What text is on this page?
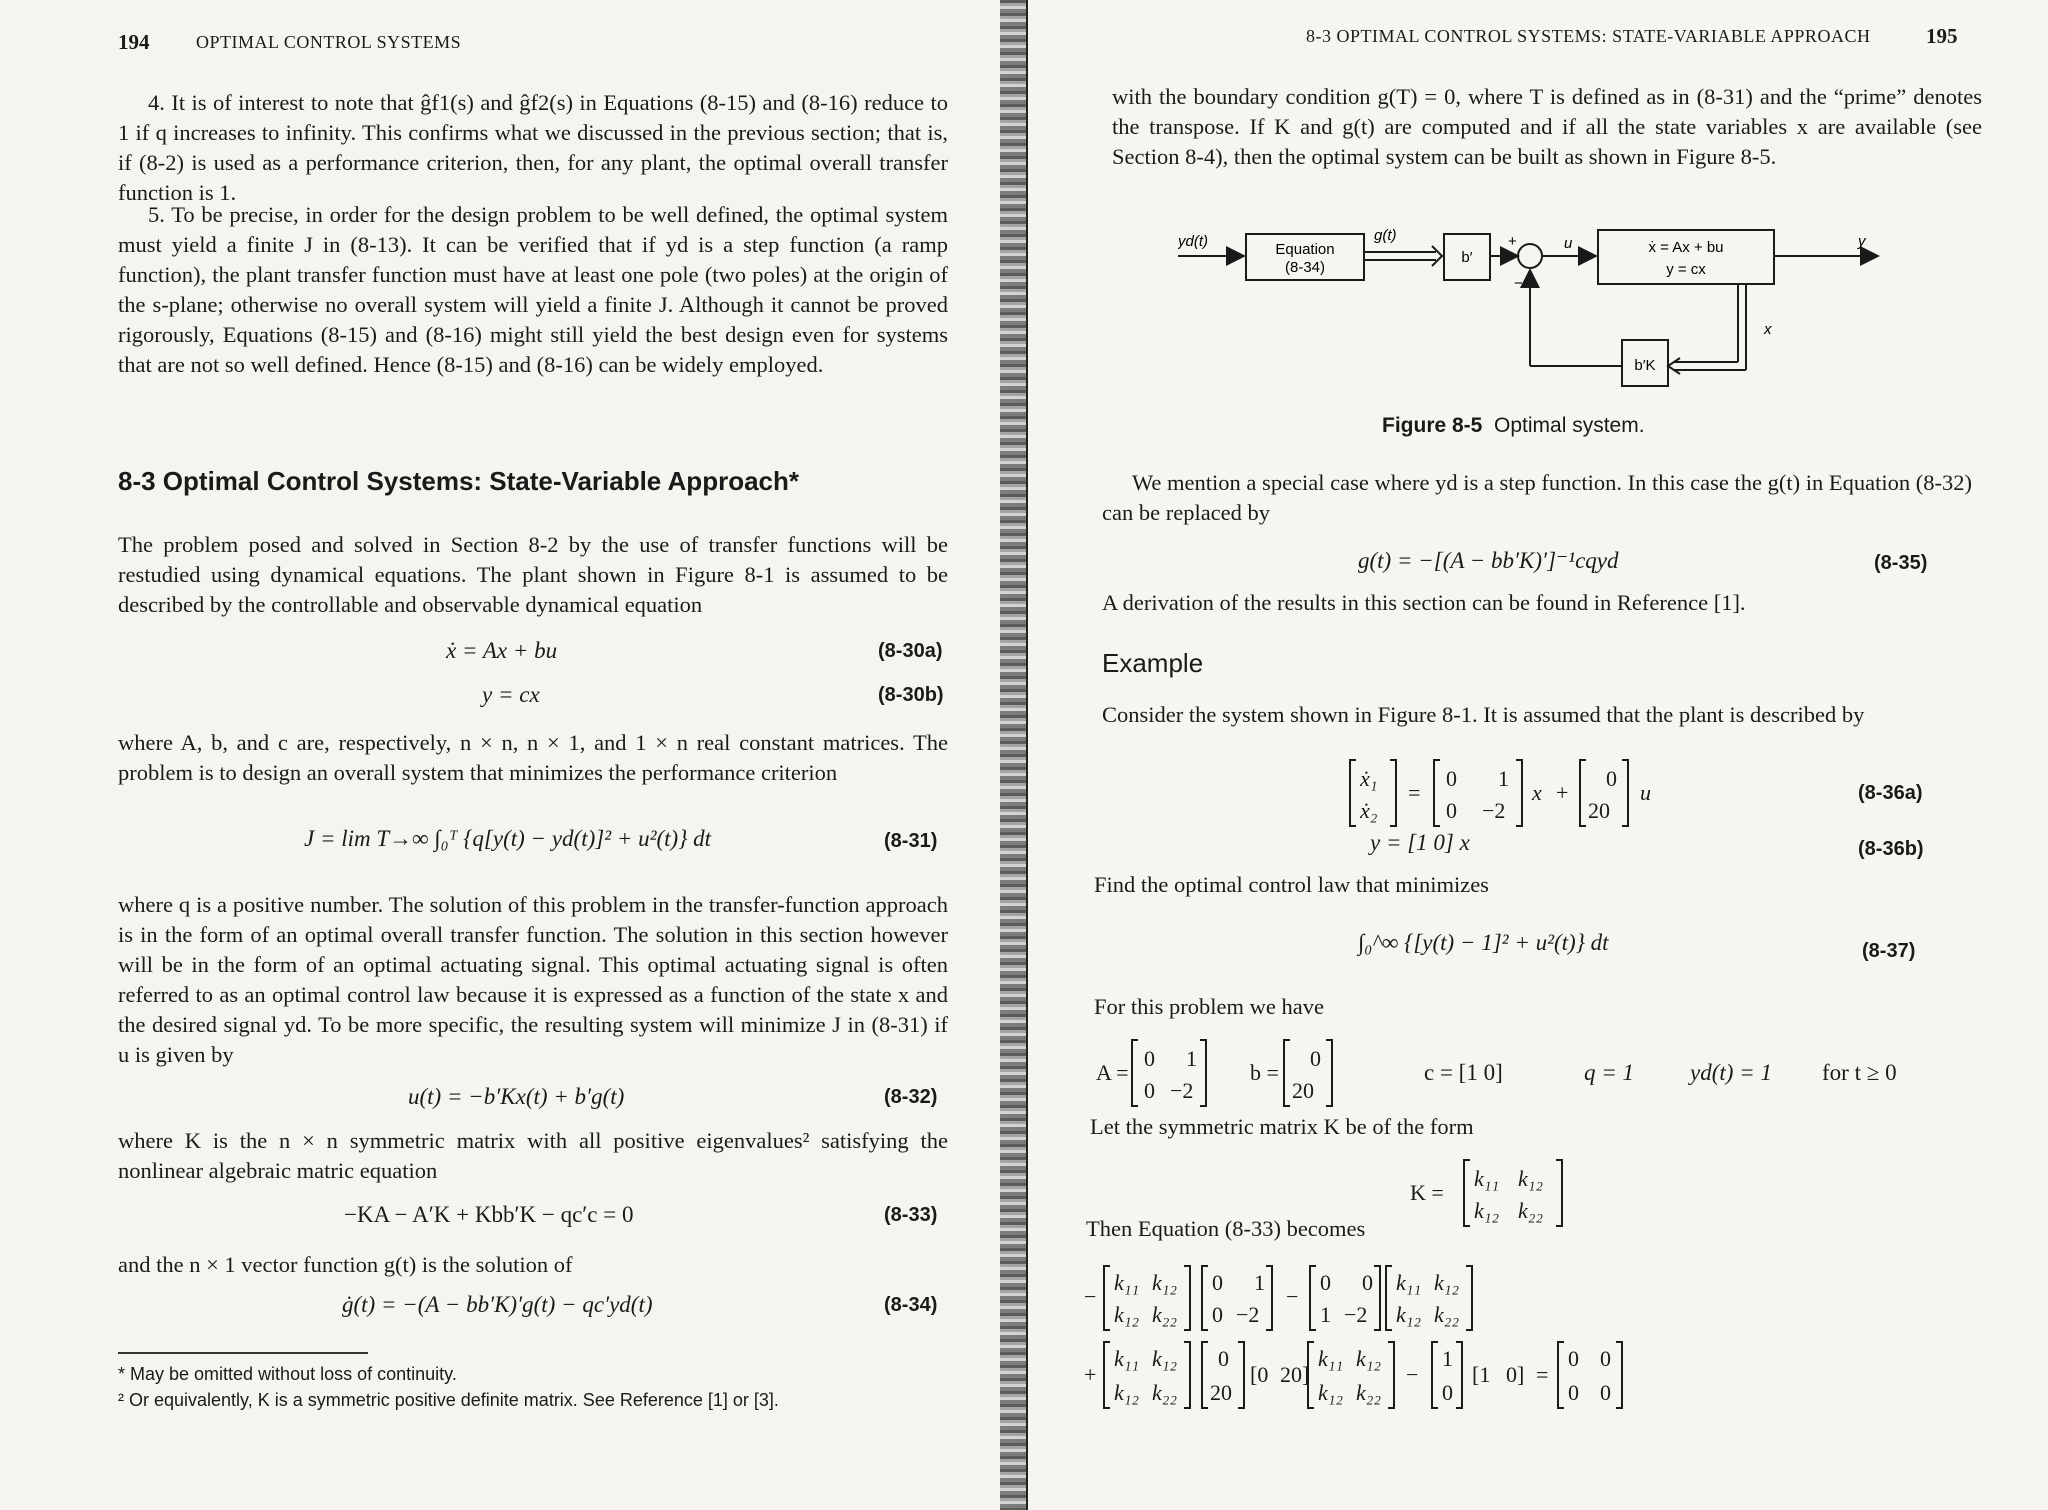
194	OPTIMAL CONTROL SYSTEMS
4. It is of interest to note that ĝf1(s) and ĝf2(s) in Equations (8-15) and (8-16) reduce to 1 if q increases to infinity. This confirms what we discussed in the previous section; that is, if (8-2) is used as a performance criterion, then, for any plant, the optimal overall transfer function is 1.
5. To be precise, in order for the design problem to be well defined, the optimal system must yield a finite J in (8-13). It can be verified that if yd is a step function (a ramp function), the plant transfer function must have at least one pole (two poles) at the origin of the s-plane; otherwise no overall system will yield a finite J. Although it cannot be proved rigorously, Equations (8-15) and (8-16) might still yield the best design even for systems that are not so well defined. Hence (8-15) and (8-16) can be widely employed.
8-3 Optimal Control Systems: State-Variable Approach*
The problem posed and solved in Section 8-2 by the use of transfer functions will be restudied using dynamical equations. The plant shown in Figure 8-1 is assumed to be described by the controllable and observable dynamical equation
ẋ = Ax + bu	(8-30a)
y = cx	(8-30b)
where A, b, and c are, respectively, n × n, n × 1, and 1 × n real constant matrices. The problem is to design an overall system that minimizes the performance criterion
J = lim T→∞ ∫₀ᵀ {q[y(t) − yd(t)]² + u²(t)} dt	(8-31)
where q is a positive number. The solution of this problem in the transfer-function approach is in the form of an optimal overall transfer function. The solution in this section however will be in the form of an optimal actuating signal. This optimal actuating signal is often referred to as an optimal control law because it is expressed as a function of the state x and the desired signal yd. To be more specific, the resulting system will minimize J in (8-31) if u is given by
u(t) = −b′Kx(t) + b′g(t)	(8-32)
where K is the n × n symmetric matrix with all positive eigenvalues² satisfying the nonlinear algebraic matric equation
−KA − A′K + Kbb′K − qc′c = 0	(8-33)
and the n × 1 vector function g(t) is the solution of
ġ(t) = −(A − bb′K)′g(t) − qc′yd(t)	(8-34)
* May be omitted without loss of continuity.
² Or equivalently, K is a symmetric positive definite matrix. See Reference [1] or [3].
8-3 OPTIMAL CONTROL SYSTEMS: STATE-VARIABLE APPROACH	195
with the boundary condition g(T) = 0, where T is defined as in (8-31) and the “prime” denotes the transpose. If K and g(t) are computed and if all the state variables x are available (see Section 8-4), then the optimal system can be built as shown in Figure 8-5.
yd(t)	Equation
(8-34)
g(t)
b′
+
−
u	ẋ = Ax + bu
y = cx
y
x
b′K
Figure 8-5 Optimal system.
We mention a special case where yd is a step function. In this case the g(t) in Equation (8-32) can be replaced by
g(t) = −[(A − bb′K)′]⁻¹cqyd	(8-35)
A derivation of the results in this section can be found in Reference [1].
Example
Consider the system shown in Figure 8-1. It is assumed that the plant is described by
ẋ₁
ẋ₂
=
0 1
0 −2
x +
0
20
u	(8-36a)
y = [1 0] x	(8-36b)
Find the optimal control law that minimizes
∫₀^∞ {[y(t) − 1]² + u²(t)} dt	(8-37)
For this problem we have
A =
0 1
0 −2
b =
0
20
c = [1 0]	q = 1 yd(t) = 1 for t ≥ 0
Let the symmetric matrix K be of the form
K =
k₁₁ k₁₂
k₁₂ k₂₂
Then Equation (8-33) becomes
−
k₁₁ k₁₂
k₁₂ k₂₂
0 1
0 −2
−
0 0
1 −2
k₁₁ k₁₂
k₁₂ k₂₂
+
k₁₁ k₁₂
k₁₂ k₂₂
0
20
[0 20]
k₁₁ k₁₂
k₁₂ k₂₂
−
1
0
[1 0] =
0 0
0 0
